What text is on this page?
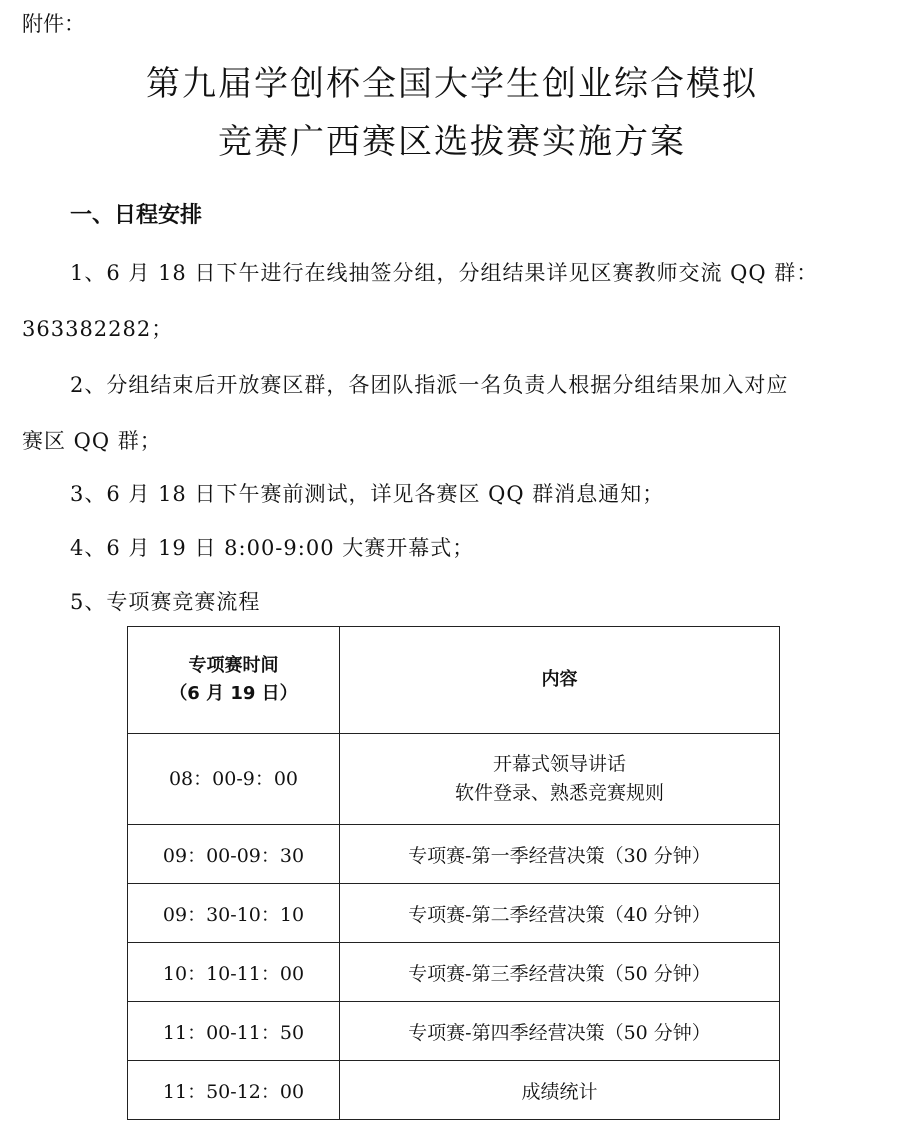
附件：
第九届学创杯全国大学生创业综合模拟
竞赛广西赛区选拔赛实施方案
一、日程安排
1、6 月 18 日下午进行在线抽签分组，分组结果详见区赛教师交流 QQ 群：
363382282；
2、分组结束后开放赛区群，各团队指派一名负责人根据分组结果加入对应
赛区 QQ 群；
3、6 月 18 日下午赛前测试，详见各赛区 QQ 群消息通知；
4、6 月 19 日 8:00-9:00 大赛开幕式；
5、专项赛竞赛流程
专项赛时间
（6 月 19 日）	内容
08：00-9：00	开幕式领导讲话
软件登录、熟悉竞赛规则

09：00-09：30	专项赛-第一季经营决策（30 分钟）
09：30-10：10	专项赛-第二季经营决策（40 分钟）
10：10-11：00	专项赛-第三季经营决策（50 分钟）
11：00-11：50	专项赛-第四季经营决策（50 分钟）
11：50-12：00	成绩统计
